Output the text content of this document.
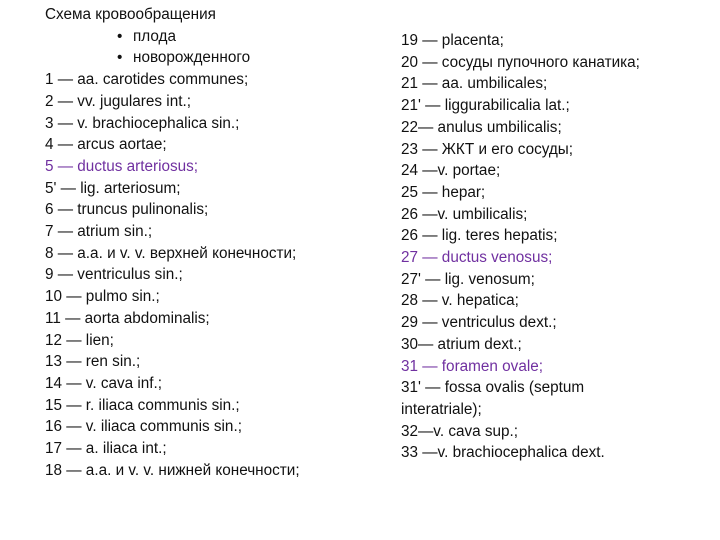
Схема кровообращения
• плода
• новорожденного
1 — aa. carotides communes;
2 — vv. jugulares int.;
3 — v. brachiocephalica sin.;
4 — arcus aortae;
5 — ductus arteriosus;
5' — lig. arteriosum;
6 — truncus pulinonalis;
7 — atrium sin.;
8 — a.a. и v. v. верхней конечности;
9 — ventriculus sin.;
10 — pulmo sin.;
11 — aorta abdominalis;
12 — lien;
13 — ren sin.;
14 — v. cava inf.;
15 — r. iliaca communis sin.;
16 — v. iliaca communis sin.;
17 — a. iliaca int.;
18 — a.a. и v. v. нижней конечности;
19 — placenta;
20 — сосуды пупочного канатика;
21 — aa. umbilicales;
21' — liggurabilicalia lat.;
22— anulus umbilicalis;
23 — ЖКТ и его сосуды;
24 —v. portae;
25 — hepar;
26 —v. umbilicalis;
26 — lig. teres hepatis;
27 — ductus venosus;
27' — lig. venosum;
28 — v. hepatica;
29 — ventriculus dext.;
30— atrium dext.;
31 — foramen ovale;
31' — fossa ovalis (septum
interatriale);
32—v. cava sup.;
33 —v. brachiocephalica dext.
